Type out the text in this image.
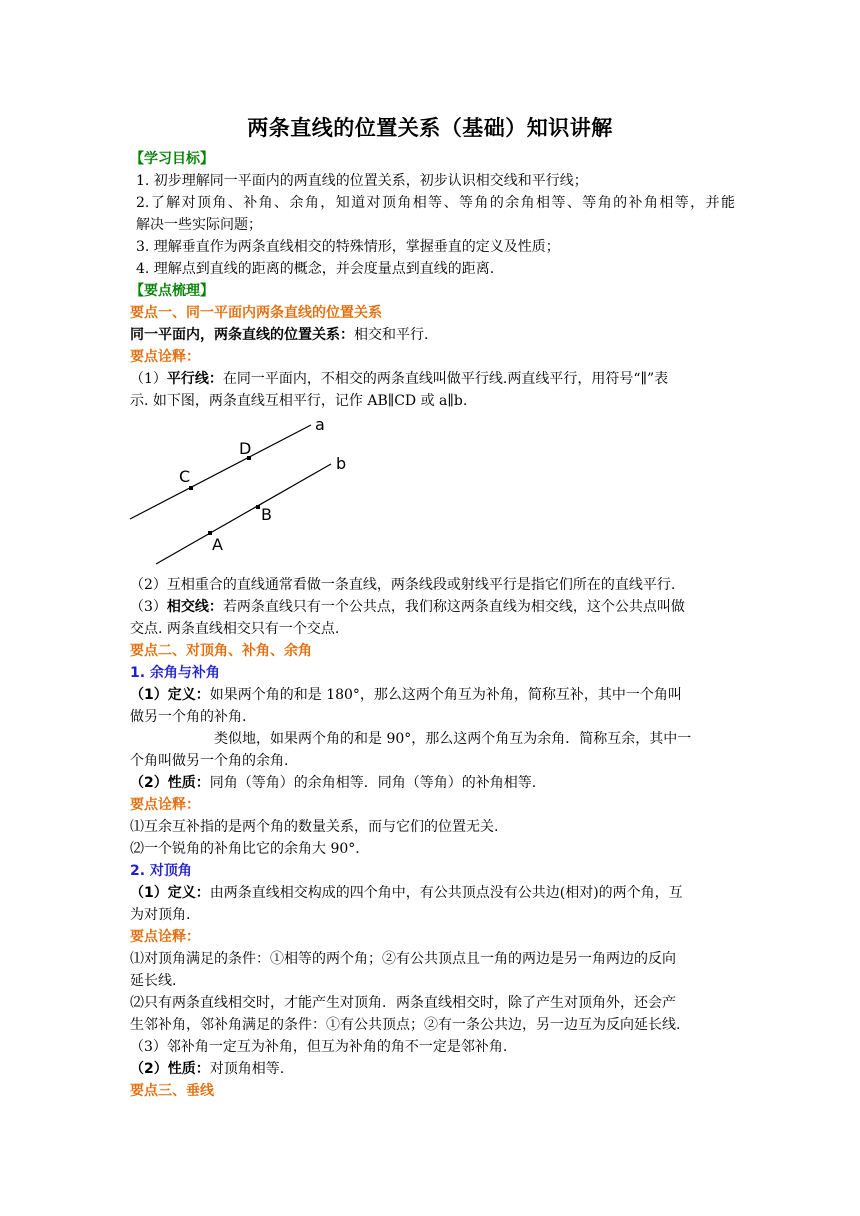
两条直线的位置关系（基础）知识讲解
【学习目标】
1. 初步理解同一平面内的两直线的位置关系，初步认识相交线和平行线；
2.了解对顶角、补角、余角，知道对顶角相等、等角的余角相等、等角的补角相等，并能
解决一些实际问题；
3. 理解垂直作为两条直线相交的特殊情形，掌握垂直的定义及性质；
4. 理解点到直线的距离的概念，并会度量点到直线的距离.
【要点梳理】
要点一、同一平面内两条直线的位置关系
同一平面内，两条直线的位置关系：相交和平行.
要点诠释：
（1）平行线：在同一平面内，不相交的两条直线叫做平行线.两直线平行，用符号“∥”表
示. 如下图，两条直线互相平行，记作 AB∥CD 或 a∥b.
a
b
C
D
A
B
（2）互相重合的直线通常看做一条直线，两条线段或射线平行是指它们所在的直线平行.
（3）相交线：若两条直线只有一个公共点，我们称这两条直线为相交线，这个公共点叫做
交点. 两条直线相交只有一个交点.
要点二、对顶角、补角、余角
1. 余角与补角
（1）定义：如果两个角的和是 180°，那么这两个角互为补角，简称互补，其中一个角叫
做另一个角的补角.
类似地，如果两个角的和是 90°，那么这两个角互为余角．简称互余，其中一
个角叫做另一个角的余角.
（2）性质：同角（等角）的余角相等．同角（等角）的补角相等.
要点诠释：
⑴互余互补指的是两个角的数量关系，而与它们的位置无关.
⑵一个锐角的补角比它的余角大 90°．
2. 对顶角
（1）定义：由两条直线相交构成的四个角中，有公共顶点没有公共边(相对)的两个角，互
为对顶角.
要点诠释：
⑴对顶角满足的条件：①相等的两个角；②有公共顶点且一角的两边是另一角两边的反向
延长线.
⑵只有两条直线相交时，才能产生对顶角．两条直线相交时，除了产生对顶角外，还会产
生邻补角，邻补角满足的条件：①有公共顶点；②有一条公共边，另一边互为反向延长线.
（3）邻补角一定互为补角，但互为补角的角不一定是邻补角.
（2）性质：对顶角相等.
要点三、垂线
